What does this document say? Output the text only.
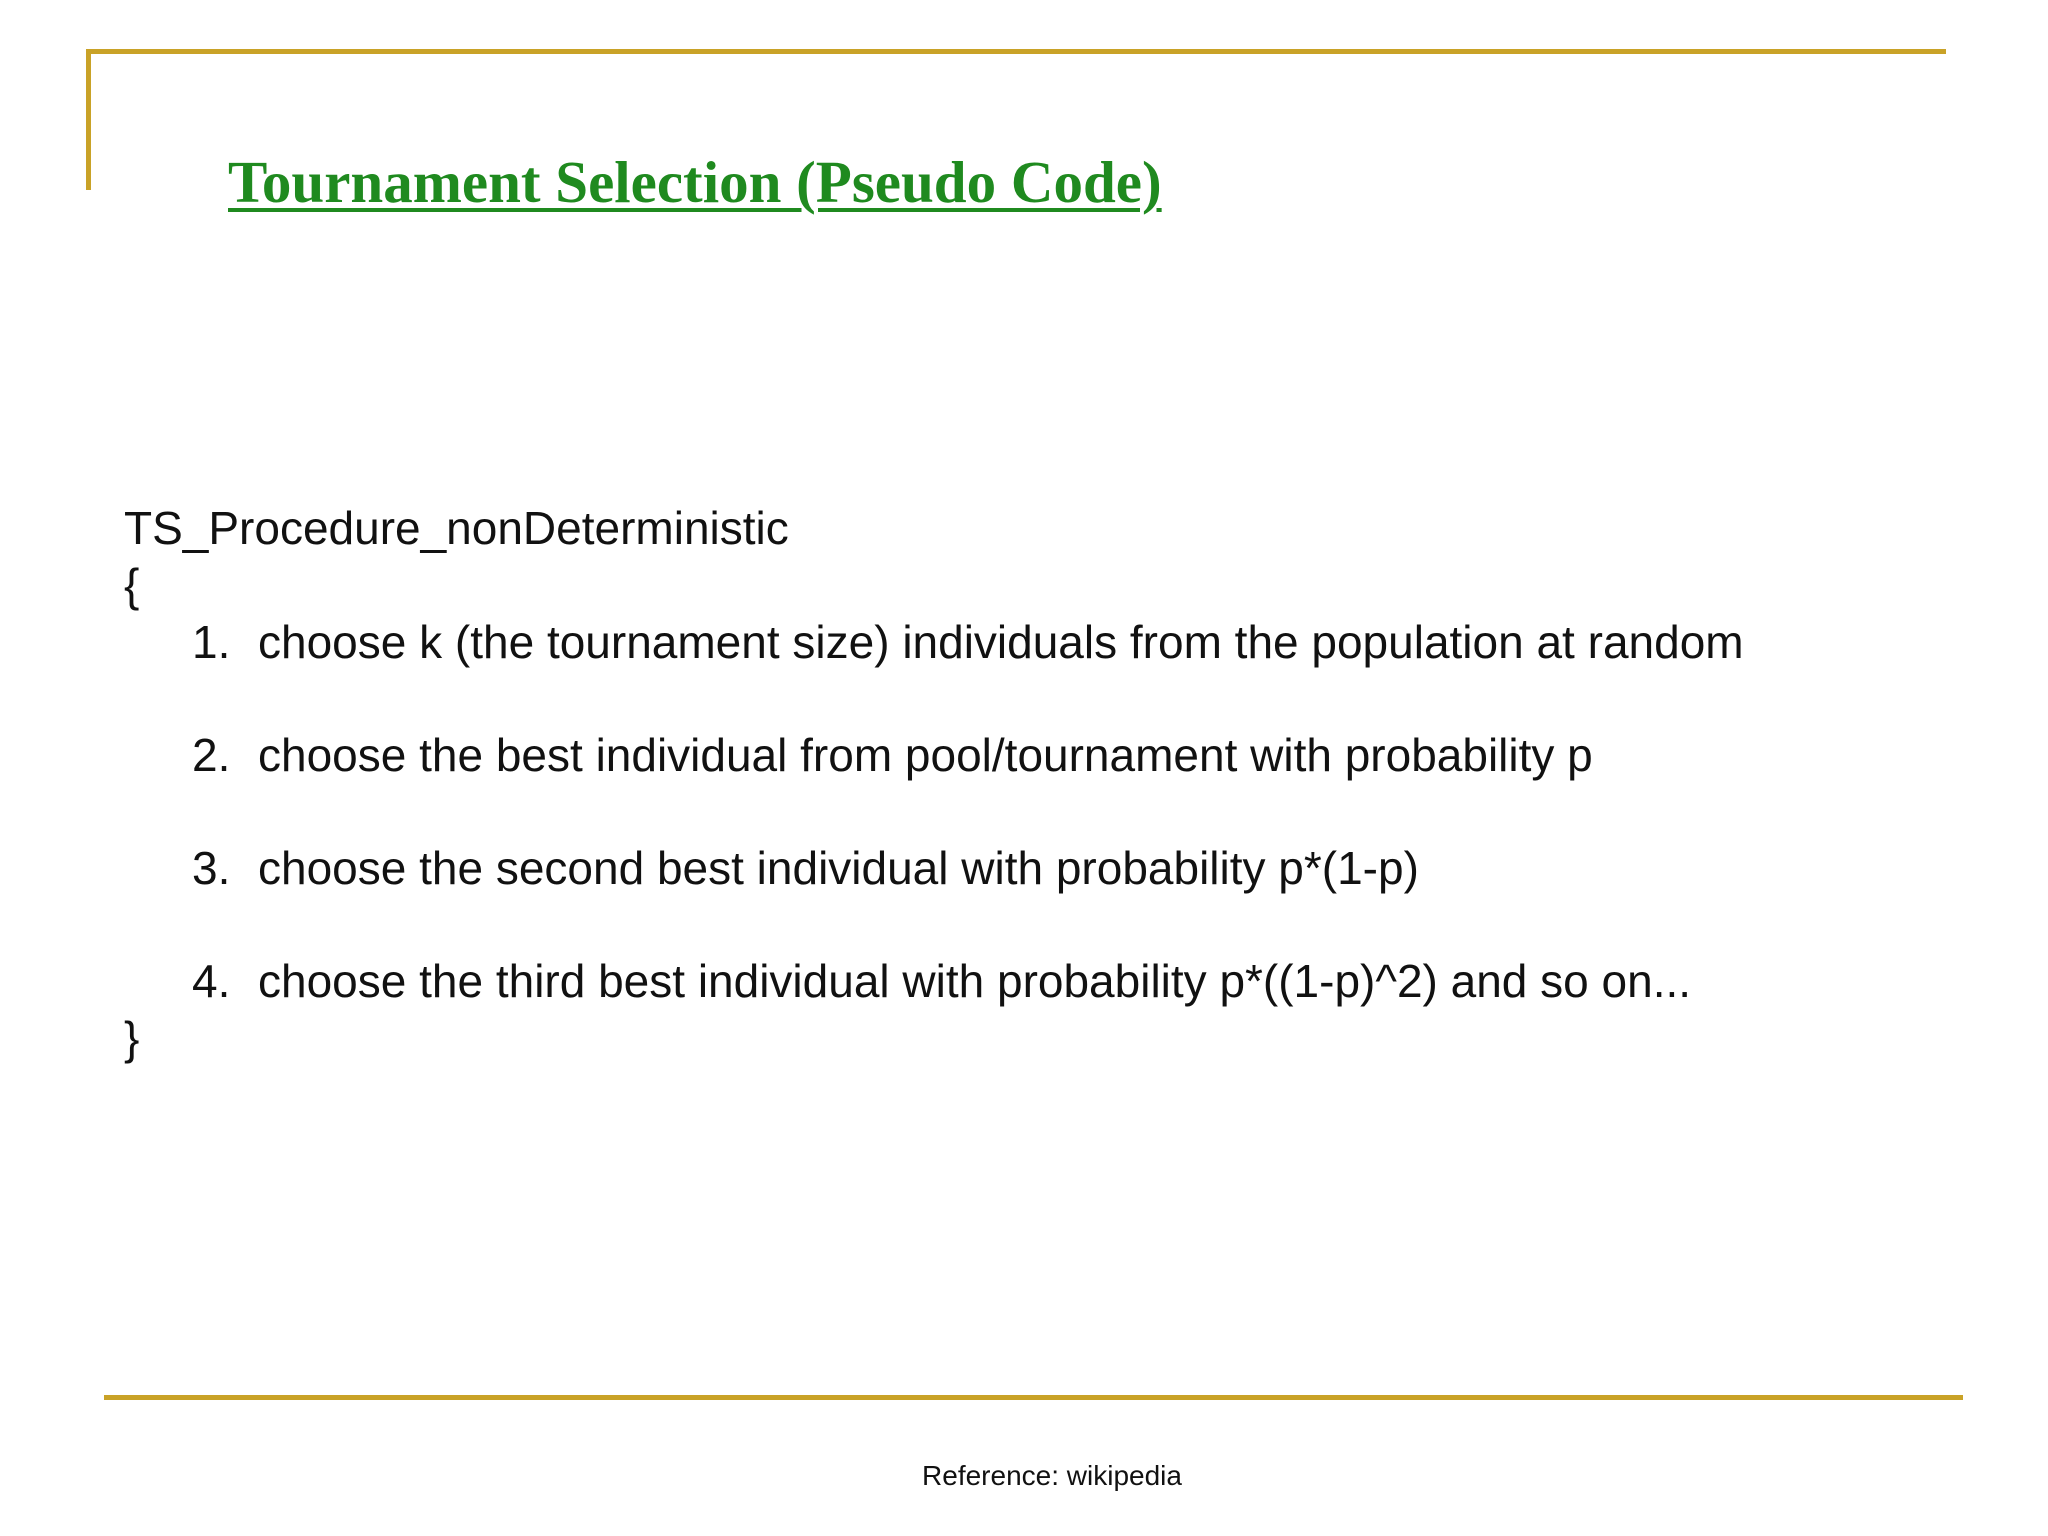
Tournament Selection (Pseudo Code)
TS_Procedure_nonDeterministic
{
1. choose k (the tournament size) individuals from the population at random
2. choose the best individual from pool/tournament with probability p
3. choose the second best individual with probability p*(1-p)
4. choose the third best individual with probability p*((1-p)^2) and so on...
}
Reference: wikipedia
